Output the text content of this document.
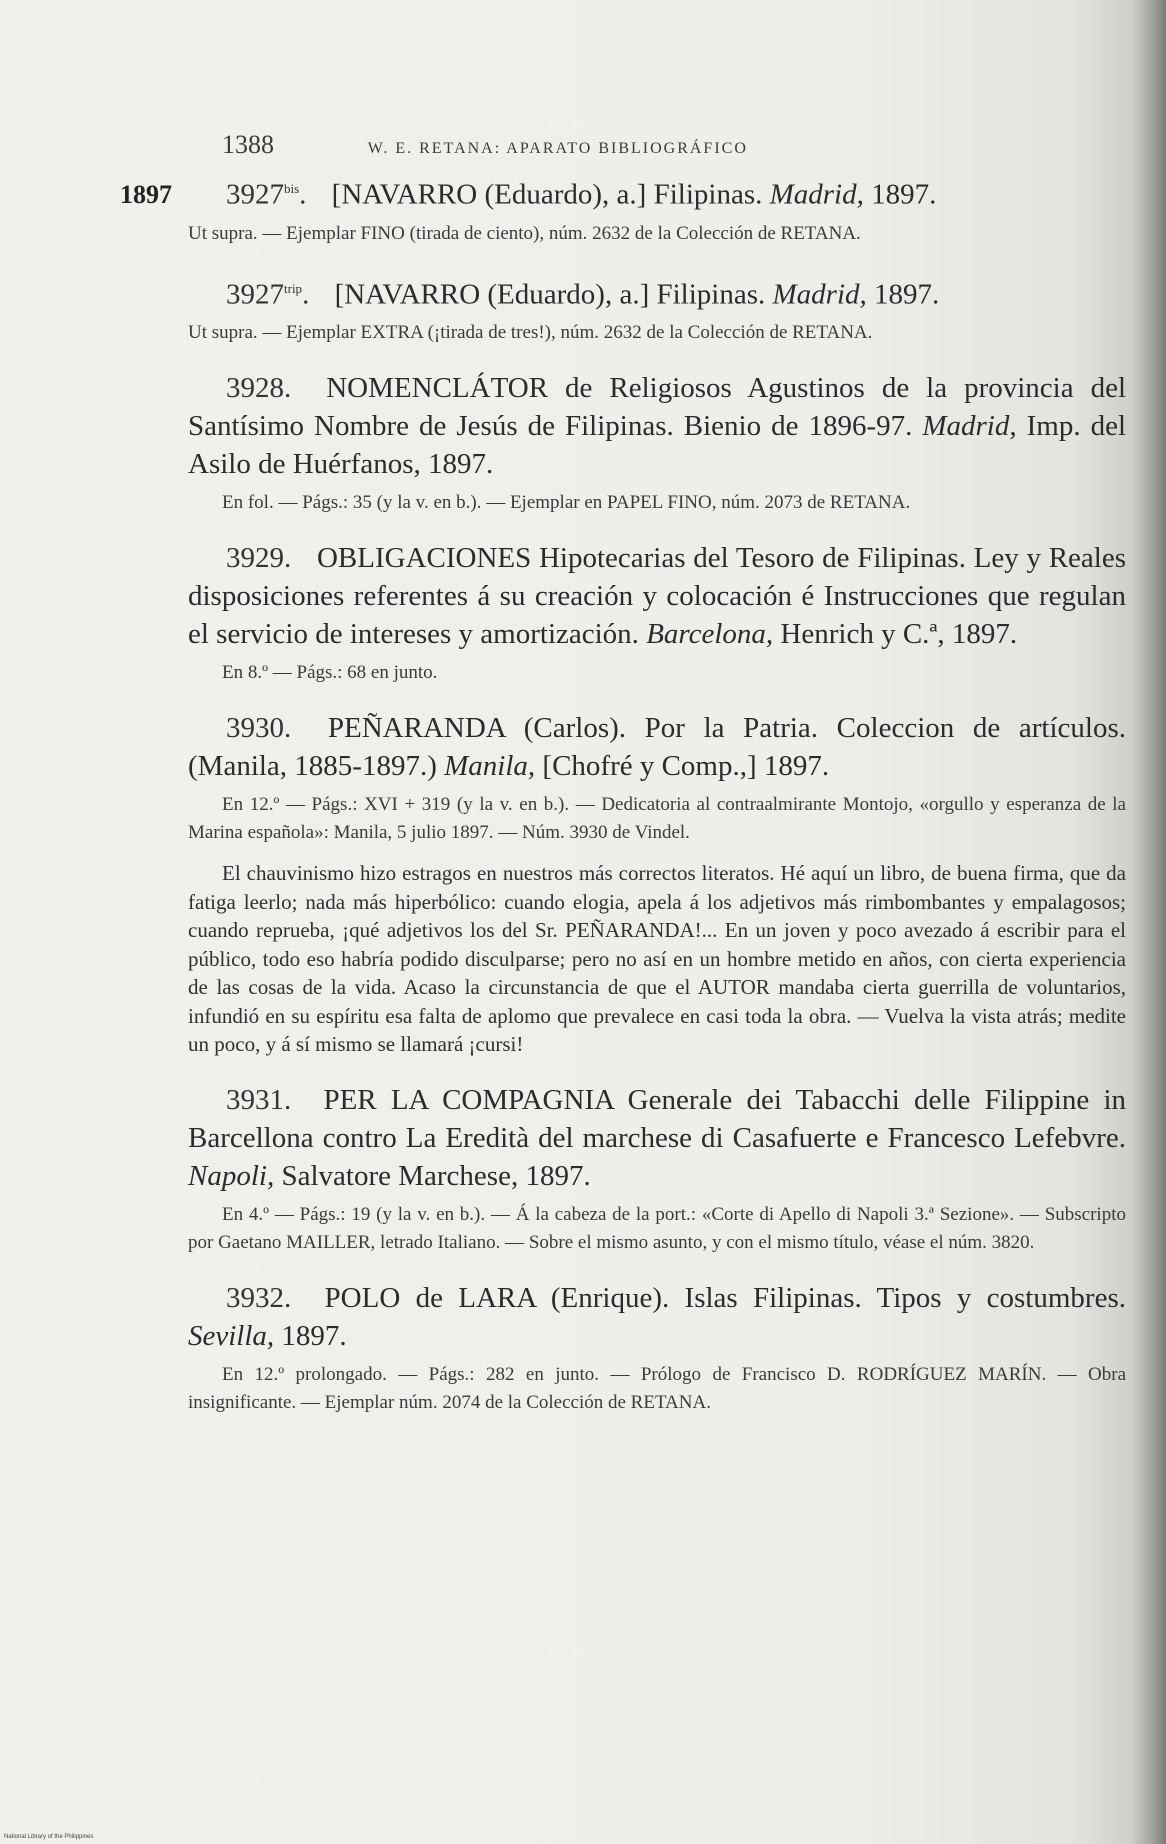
1388	W. E. RETANA: APARATO BIBLIOGRÁFICO
1897	$3927^{bis}$. [NAVARRO (Eduardo), a.] Filipinas. Madrid, 1897.
Ut supra. — Ejemplar FINO (tirada de ciento), núm. 2632 de la Colección de RETANA.
$3927^{trip}$. [NAVARRO (Eduardo), a.] Filipinas. Madrid, 1897.
Ut supra. — Ejemplar EXTRA (¡tirada de tres!), núm. 2632 de la Colección de RETANA.
3928. NOMENCLÁTOR de Religiosos Agustinos de la provincia del Santísimo Nombre de Jesús de Filipinas. Bienio de 1896-97. Madrid, Imp. del Asilo de Huérfanos, 1897.
En fol. — Págs.: 35 (y la v. en b.). — Ejemplar en PAPEL FINO, núm. 2073 de RETANA.
3929. OBLIGACIONES Hipotecarias del Tesoro de Filipinas. Ley y Reales disposiciones referentes á su creación y colocación é Instrucciones que regulan el servicio de intereses y amortización. Barcelona, Henrich y C.ª, 1897.
En 8.º — Págs.: 68 en junto.
3930. PEÑARANDA (Carlos). Por la Patria. Coleccion de artículos. (Manila, 1885-1897.) Manila, [Chofré y Comp.,] 1897.
En 12.º — Págs.: XVI + 319 (y la v. en b.). — Dedicatoria al contraalmirante Montojo, «orgullo y esperanza de la Marina española»: Manila, 5 julio 1897. — Núm. 3930 de Vindel.
El chauvinismo hizo estragos en nuestros más correctos literatos. Hé aquí un libro, de buena firma, que da fatiga leerlo; nada más hiperbólico: cuando elogia, apela á los adjetivos más rimbombantes y empalagosos; cuando reprueba, ¡qué adjetivos los del Sr. PEÑARANDA!... En un joven y poco avezado á escribir para el público, todo eso habría podido disculparse; pero no así en un hombre metido en años, con cierta experiencia de las cosas de la vida. Acaso la circunstancia de que el AUTOR mandaba cierta guerrilla de voluntarios, infundió en su espíritu esa falta de aplomo que prevalece en casi toda la obra. — Vuelva la vista atrás; medite un poco, y á sí mismo se llamará ¡cursi!
3931. PER LA COMPAGNIA Generale dei Tabacchi delle Filippine in Barcellona contro La Eredità del marchese di Casafuerte e Francesco Lefebvre. Napoli, Salvatore Marchese, 1897.
En 4.º — Págs.: 19 (y la v. en b.). — Á la cabeza de la port.: «Corte di Apello di Napoli 3.ª Sezione». — Subscripto por Gaetano MAILLER, letrado Italiano. — Sobre el mismo asunto, y con el mismo título, véase el núm. 3820.
3932. POLO de LARA (Enrique). Islas Filipinas. Tipos y costumbres. Sevilla, 1897.
En 12.º prolongado. — Págs.: 282 en junto. — Prólogo de Francisco D. RODRÍGUEZ MARÍN. — Obra insignificante. — Ejemplar núm. 2074 de la Colección de RETANA.
National Library of the Philippines
